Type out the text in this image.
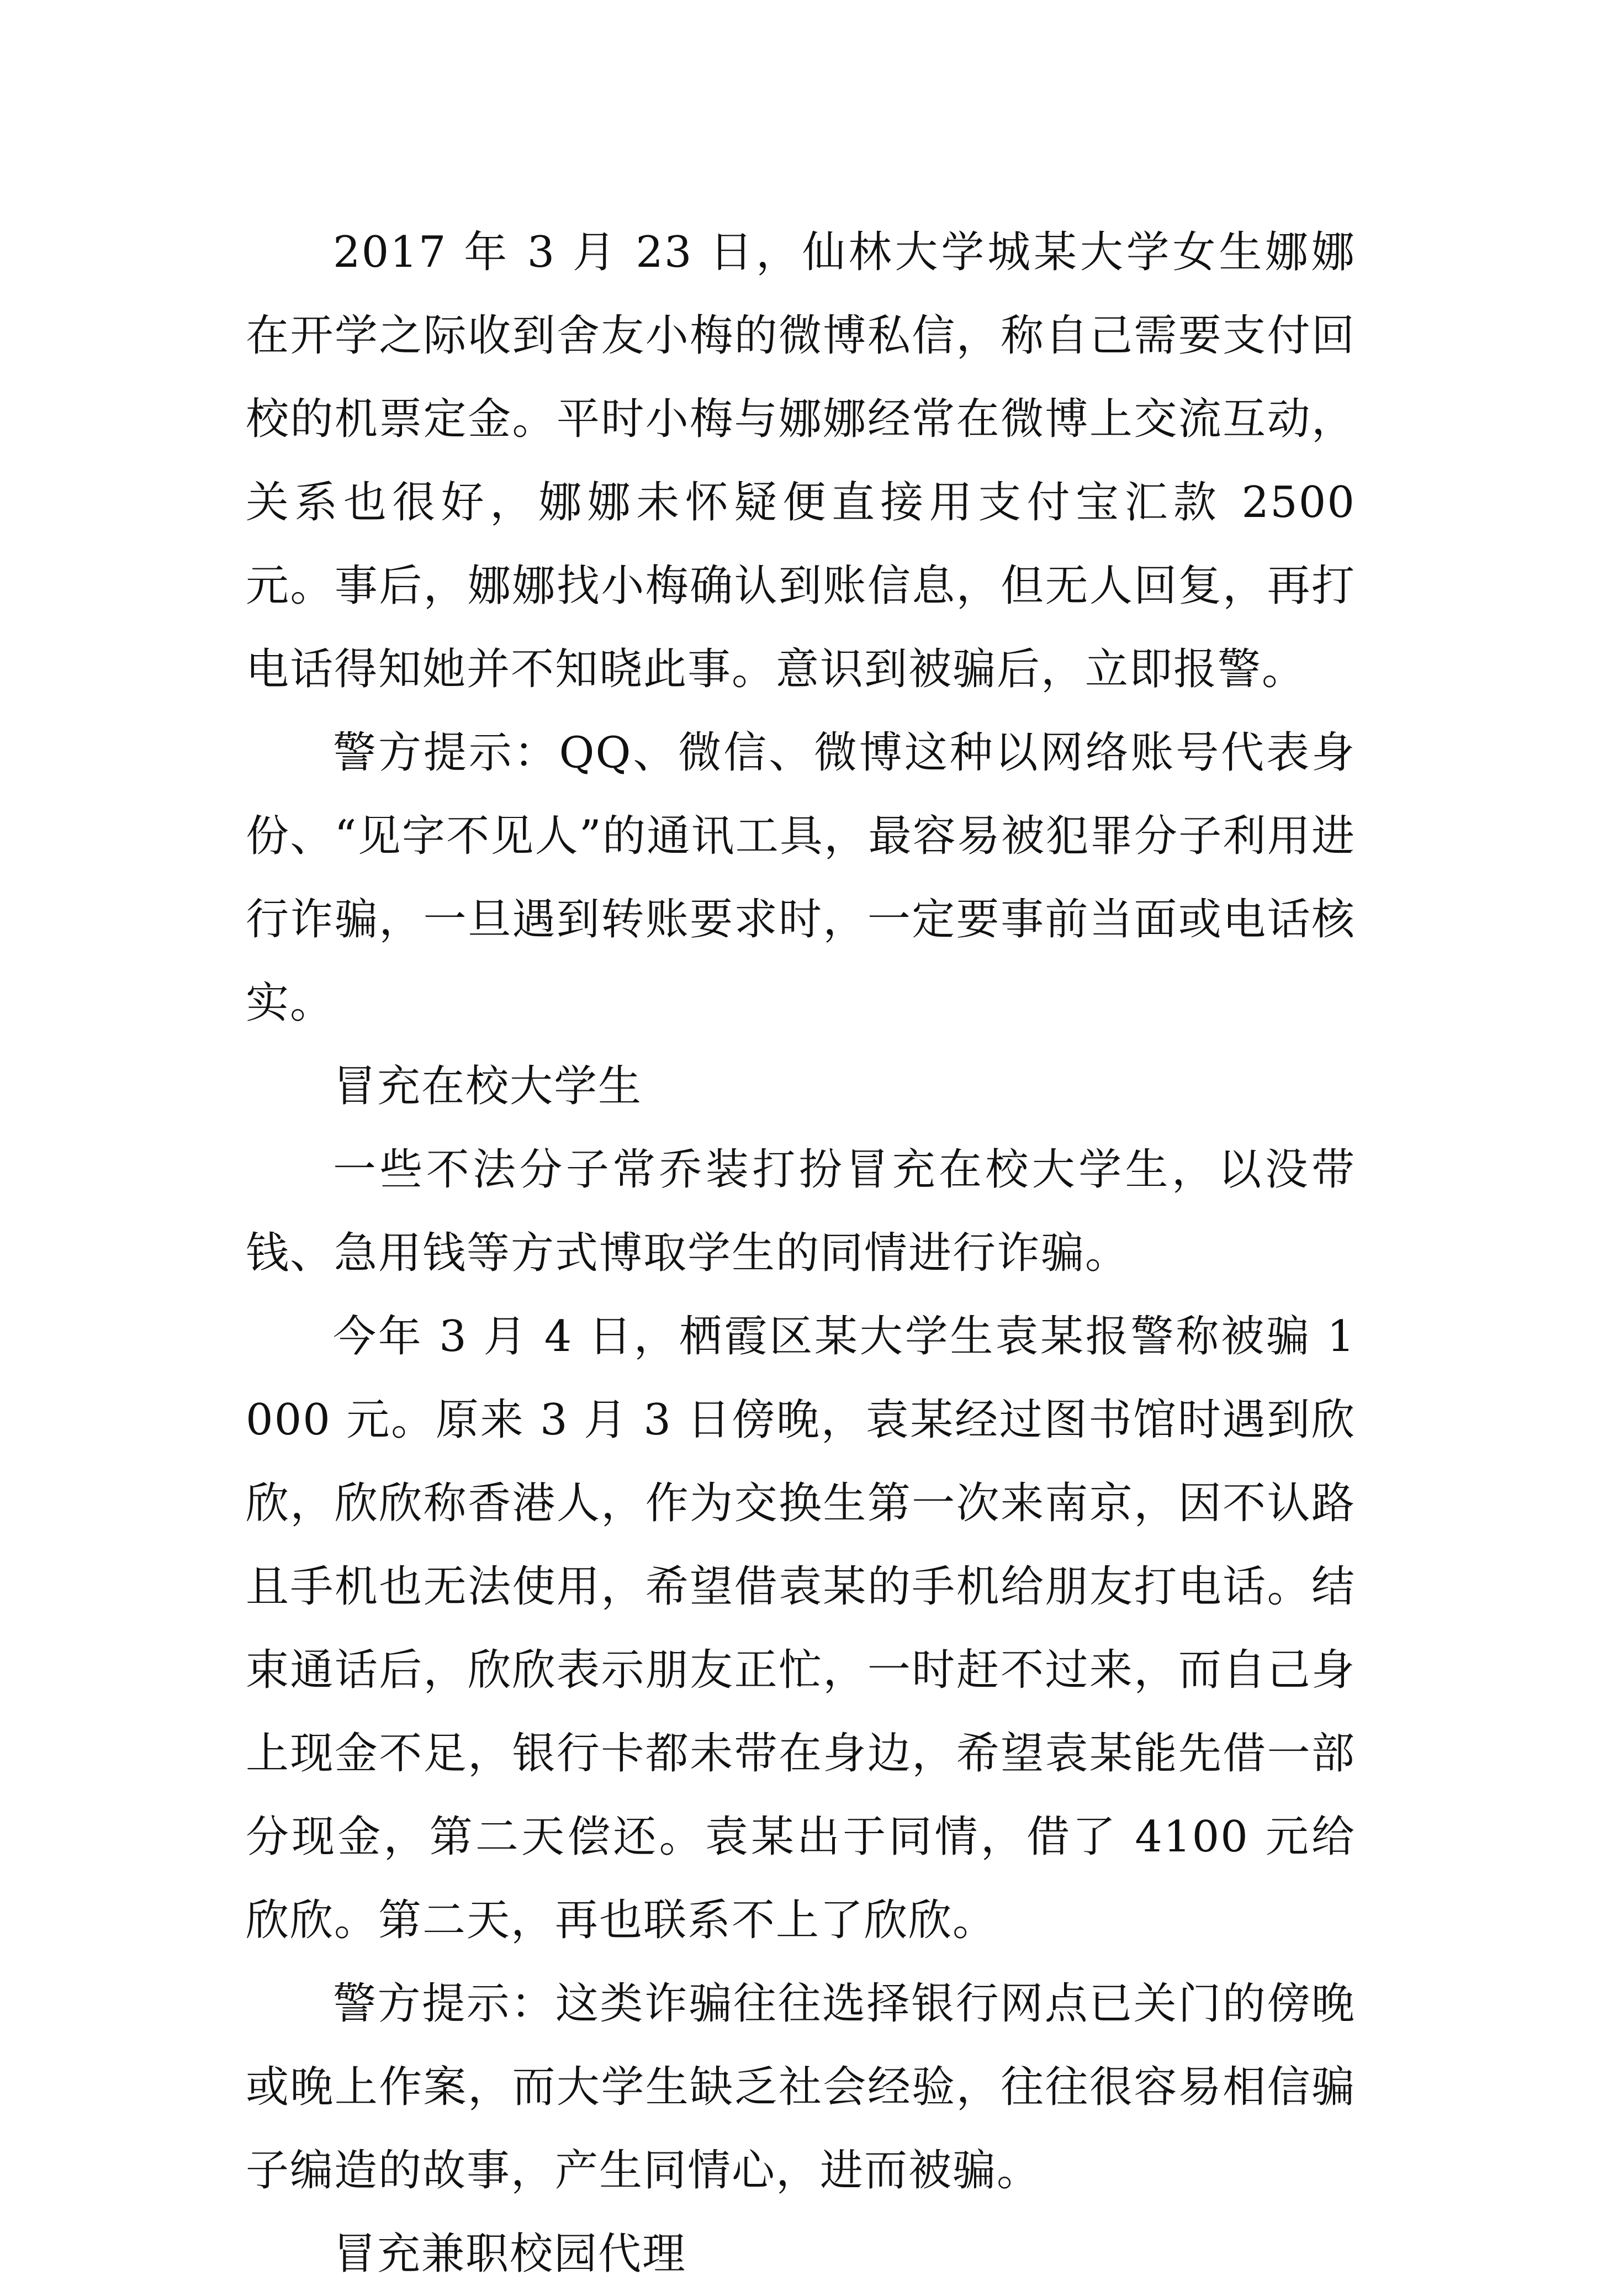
2017 年 3 月 23 日，仙林大学城某大学女生娜娜在开学之际收到舍友小梅的微博私信，称自己需要支付回校的机票定金。平时小梅与娜娜经常在微博上交流互动，关系也很好，娜娜未怀疑便直接用支付宝汇款 2500 元。事后，娜娜找小梅确认到账信息，但无人回复，再打电话得知她并不知晓此事。意识到被骗后，立即报警。

警方提示：QQ、微信、微博这种以网络账号代表身份、“见字不见人”的通讯工具，最容易被犯罪分子利用进行诈骗，一旦遇到转账要求时，一定要事前当面或电话核实。

冒充在校大学生

一些不法分子常乔装打扮冒充在校大学生，以没带钱、急用钱等方式博取学生的同情进行诈骗。

今年 3 月 4 日，栖霞区某大学生袁某报警称被骗 1000 元。原来 3 月 3 日傍晚，袁某经过图书馆时遇到欣欣，欣欣称香港人，作为交换生第一次来南京，因不认路且手机也无法使用，希望借袁某的手机给朋友打电话。结束通话后，欣欣表示朋友正忙，一时赶不过来，而自己身上现金不足，银行卡都未带在身边，希望袁某能先借一部分现金，第二天偿还。袁某出于同情，借了 4100 元给欣欣。第二天，再也联系不上了欣欣。

警方提示：这类诈骗往往选择银行网点已关门的傍晚或晚上作案，而大学生缺乏社会经验，往往很容易相信骗子编造的故事，产生同情心，进而被骗。

冒充兼职校园代理
